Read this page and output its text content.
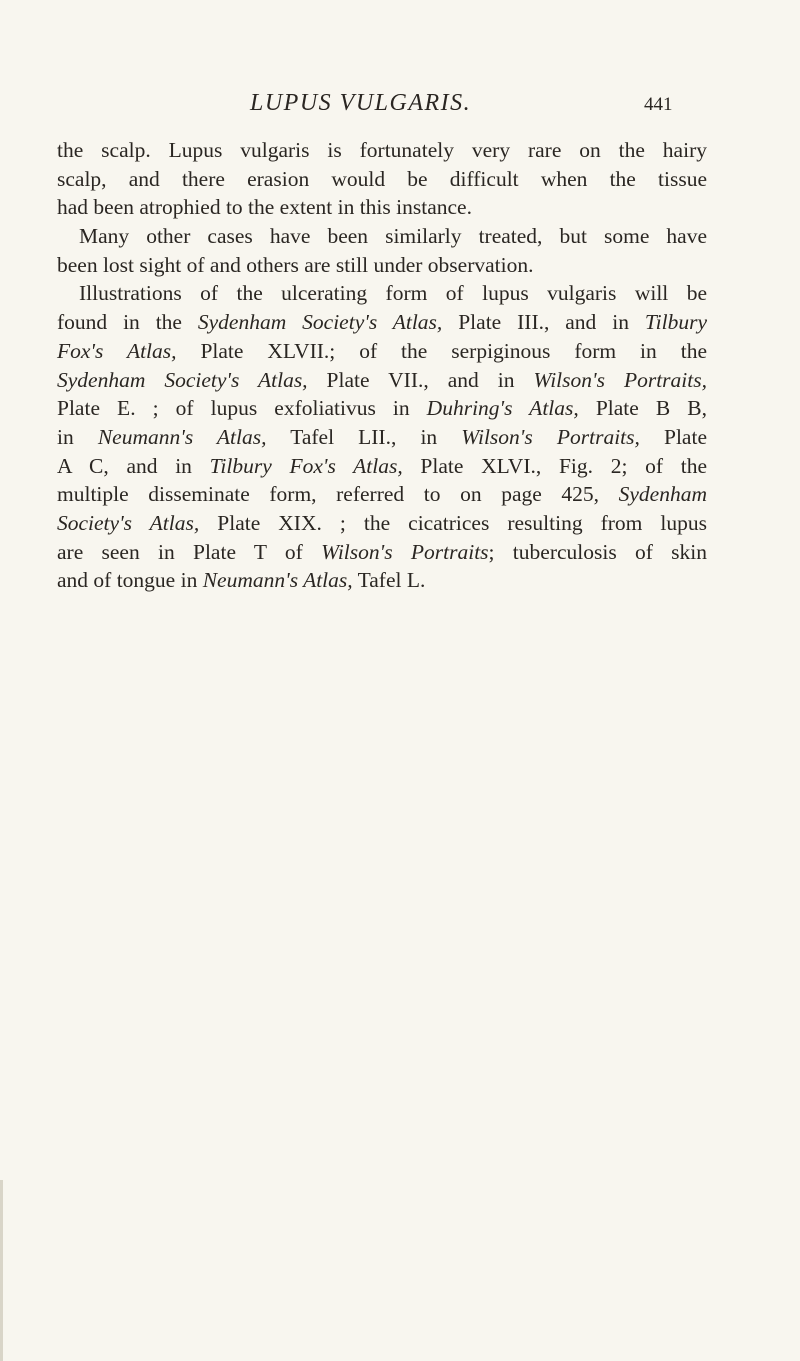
LUPUS VULGARIS.	441
the scalp. Lupus vulgaris is fortunately very rare on the hairy
scalp, and there erasion would be difficult when the tissue
had been atrophied to the extent in this instance.
Many other cases have been similarly treated, but some have
been lost sight of and others are still under observation.
Illustrations of the ulcerating form of lupus vulgaris will be
found in the Sydenham Society's Atlas, Plate III., and in Tilbury
Fox's Atlas, Plate XLVII.; of the serpiginous form in the
Sydenham Society's Atlas, Plate VII., and in Wilson's Portraits,
Plate E. ; of lupus exfoliativus in Duhring's Atlas, Plate B B,
in Neumann's Atlas, Tafel LII., in Wilson's Portraits, Plate
A C, and in Tilbury Fox's Atlas, Plate XLVI., Fig. 2; of the
multiple disseminate form, referred to on page 425, Sydenham
Society's Atlas, Plate XIX. ; the cicatrices resulting from lupus
are seen in Plate T of Wilson's Portraits; tuberculosis of skin
and of tongue in Neumann's Atlas, Tafel L.
